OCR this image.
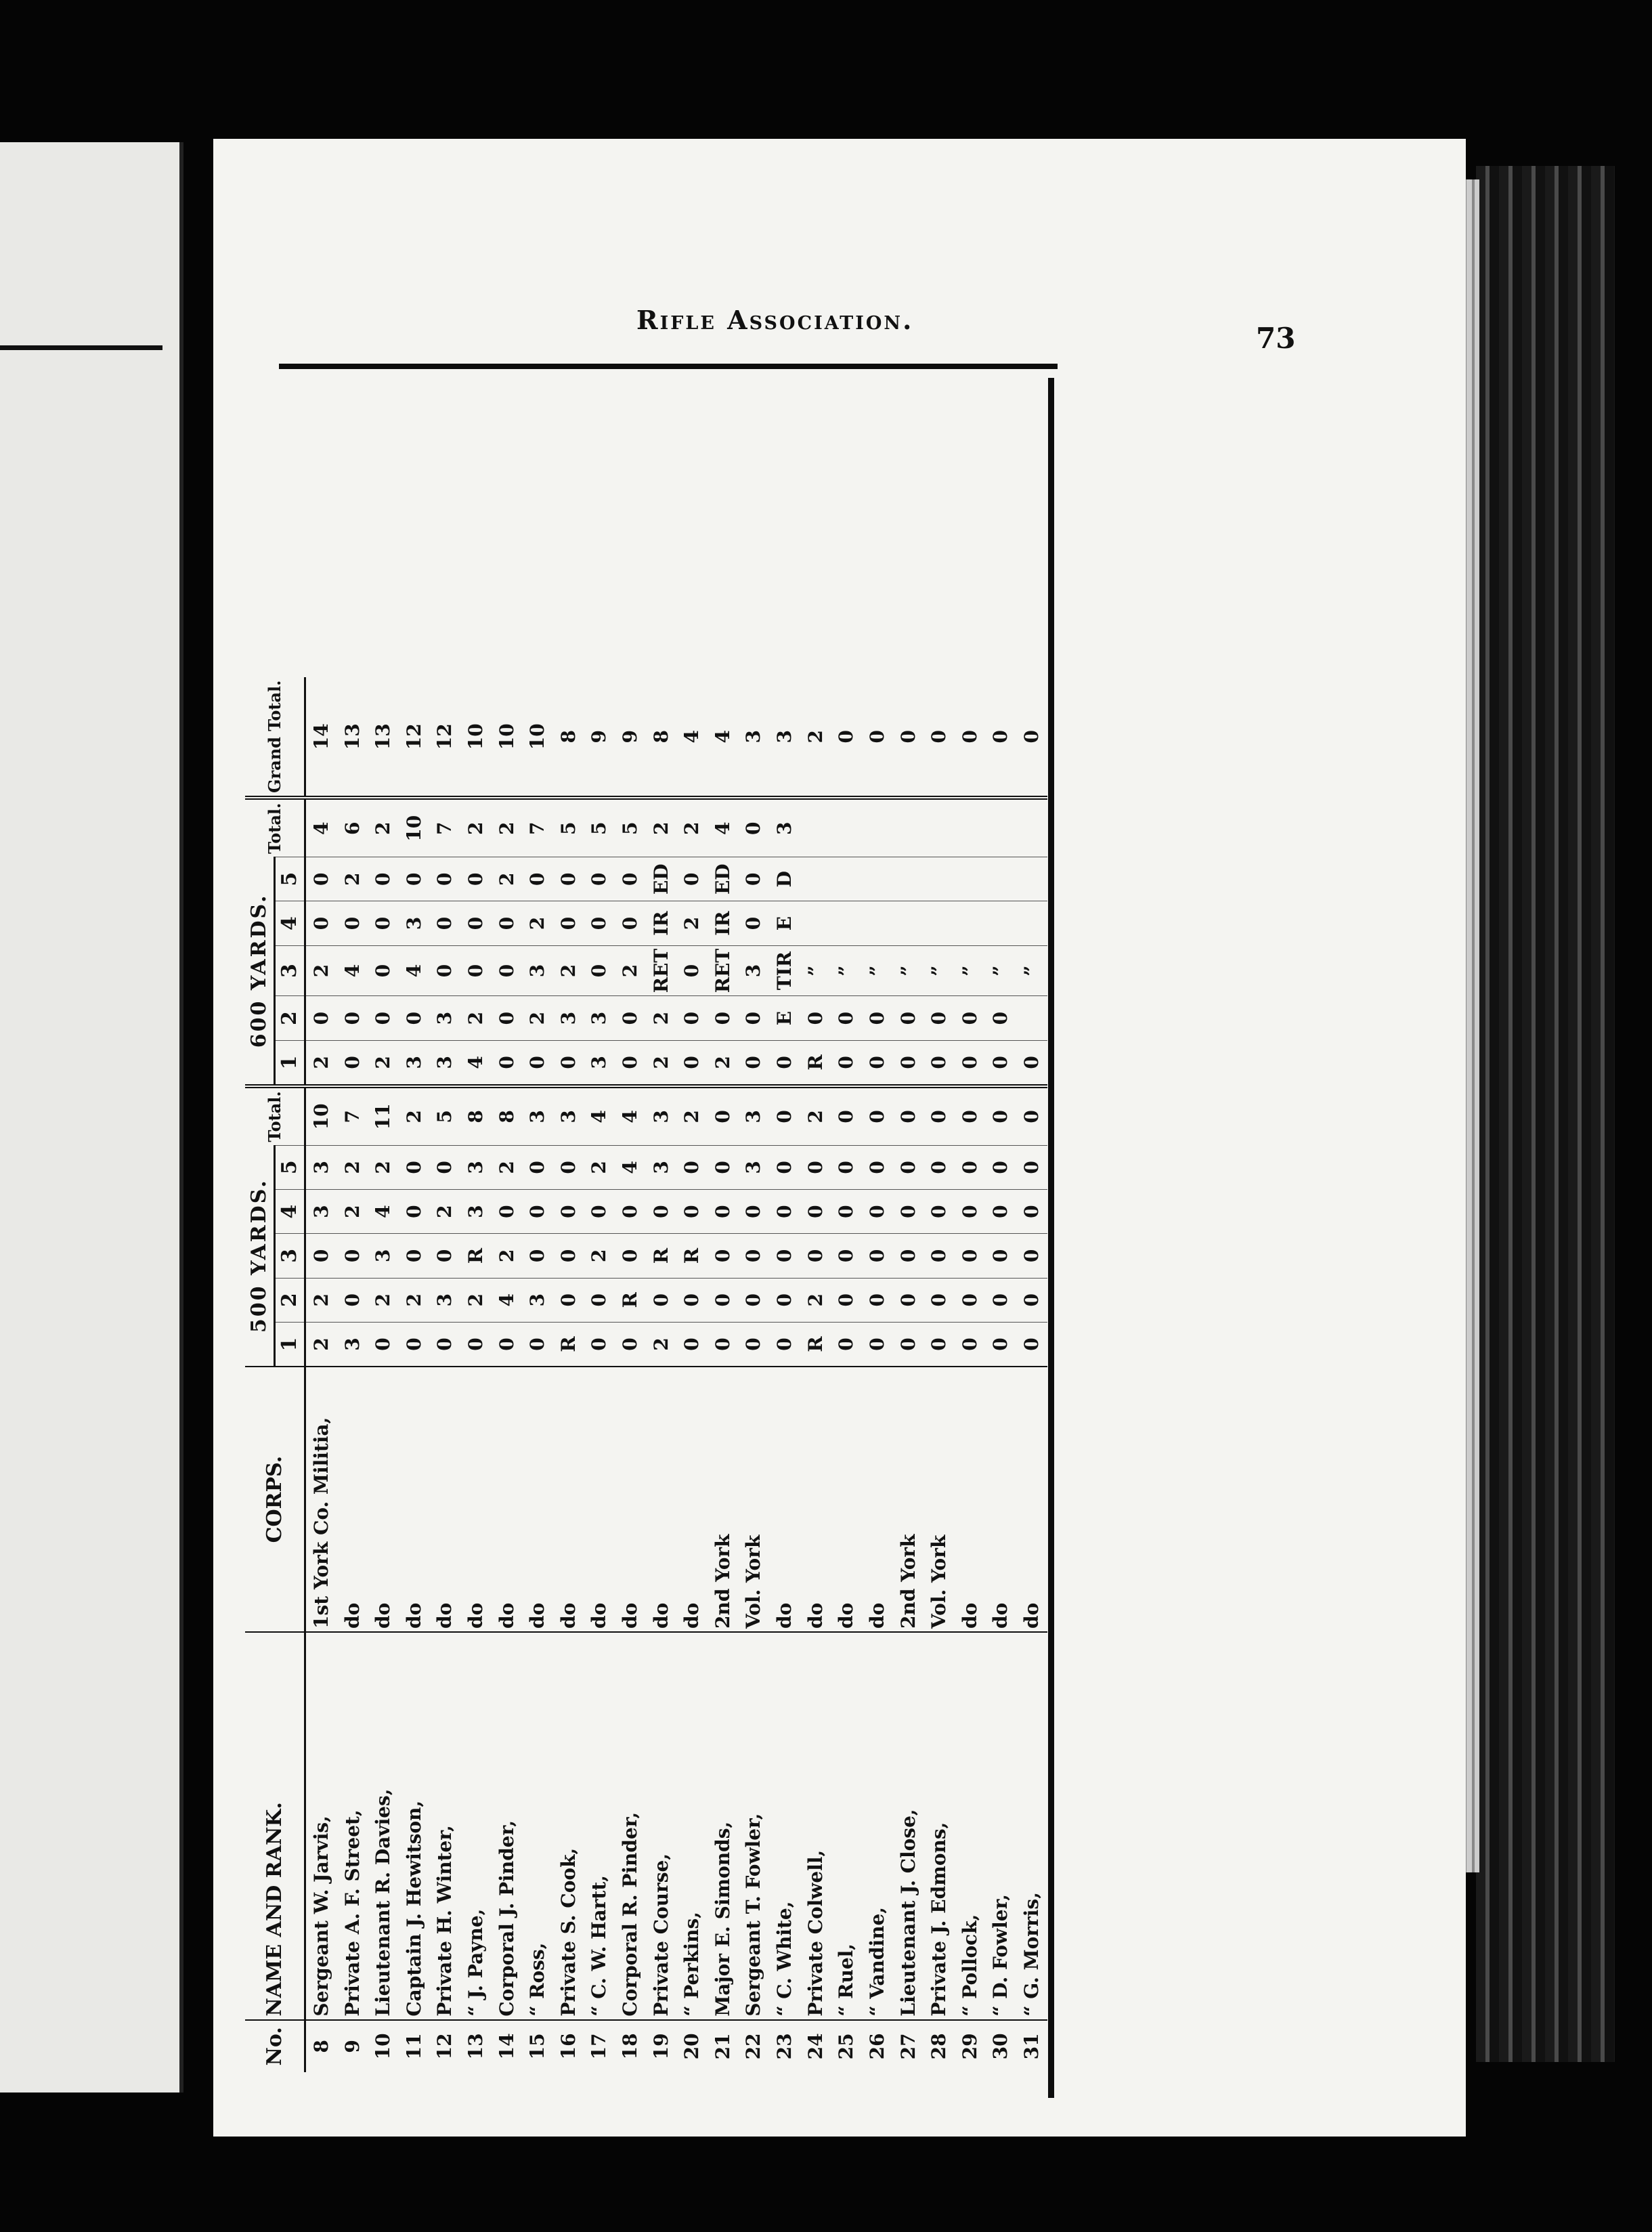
Rifle Association.
73
No.	NAME AND RANK.	CORPS.	500 YARDS.					Total.	600 YARDS.					Total.	Grand Total.
			1	2	3	4	5		1	2	3	4	5		
8	Sergeant W. Jarvis,	1st York Co. Militia,	2	2	0	3	3	10	2	0	2	0	0	4	14
9	Private A. F. Street,	do	3	0	0	2	2	7	0	0	4	0	2	6	13
10	Lieutenant R. Davies,	do	0	2	3	4	2	11	2	0	0	0	0	2	13
11	Captain J. Hewitson,	do	0	2	0	0	0	2	3	0	4	3	0	10	12
12	Private H. Winter,	do	0	3	0	2	0	5	3	3	0	0	0	7	12
13	“ J. Payne,	do	0	2	R	3	3	8	4	2	0	0	0	2	10
14	Corporal J. Pinder,	do	0	4	2	0	2	8	0	0	0	0	2	2	10
15	“ Ross,	do	0	3	0	0	0	3	0	2	3	2	0	7	10
16	Private S. Cook,	do	R	0	0	0	0	3	0	3	2	0	0	5	8
17	“ C. W. Hartt,	do	0	0	2	0	2	4	3	3	0	0	0	5	9
18	Corporal R. Pinder,	do	0	R	0	0	4	4	0	0	2	0	0	5	9
19	Private Course,	do	2	0	R	0	3	3	2	2	RET	IR	ED	2	8
20	“ Perkins,	do	0	0	R	0	0	2	0	0	0	2	0	2	4
21	Major E. Simonds,	2nd York	0	0	0	0	0	0	2	0	RET	IR	ED	4	4
22	Sergeant T. Fowler,	Vol. York	0	0	0	0	3	3	0	0	3	0	0	0	3
23	“ C. White,	do	0	0	0	0	0	0	0	E	TIR	E	D	3	3
24	Private Colwell,	do	R	2	0	0	0	2	R	0	”				2
25	“ Ruel,	do	0	0	0	0	0	0	0	0	”				0
26	“ Vandine,	do	0	0	0	0	0	0	0	0	”				0
27	Lieutenant J. Close,	2nd York	0	0	0	0	0	0	0	0	”				0
28	Private J. Edmons,	Vol. York	0	0	0	0	0	0	0	0	”				0
29	“ Pollock,	do	0	0	0	0	0	0	0	0	”				0
30	“ D. Fowler,	do	0	0	0	0	0	0	0	0	”				0
31	“ G. Morris,	do	0	0	0	0	0	0	0		”				0
